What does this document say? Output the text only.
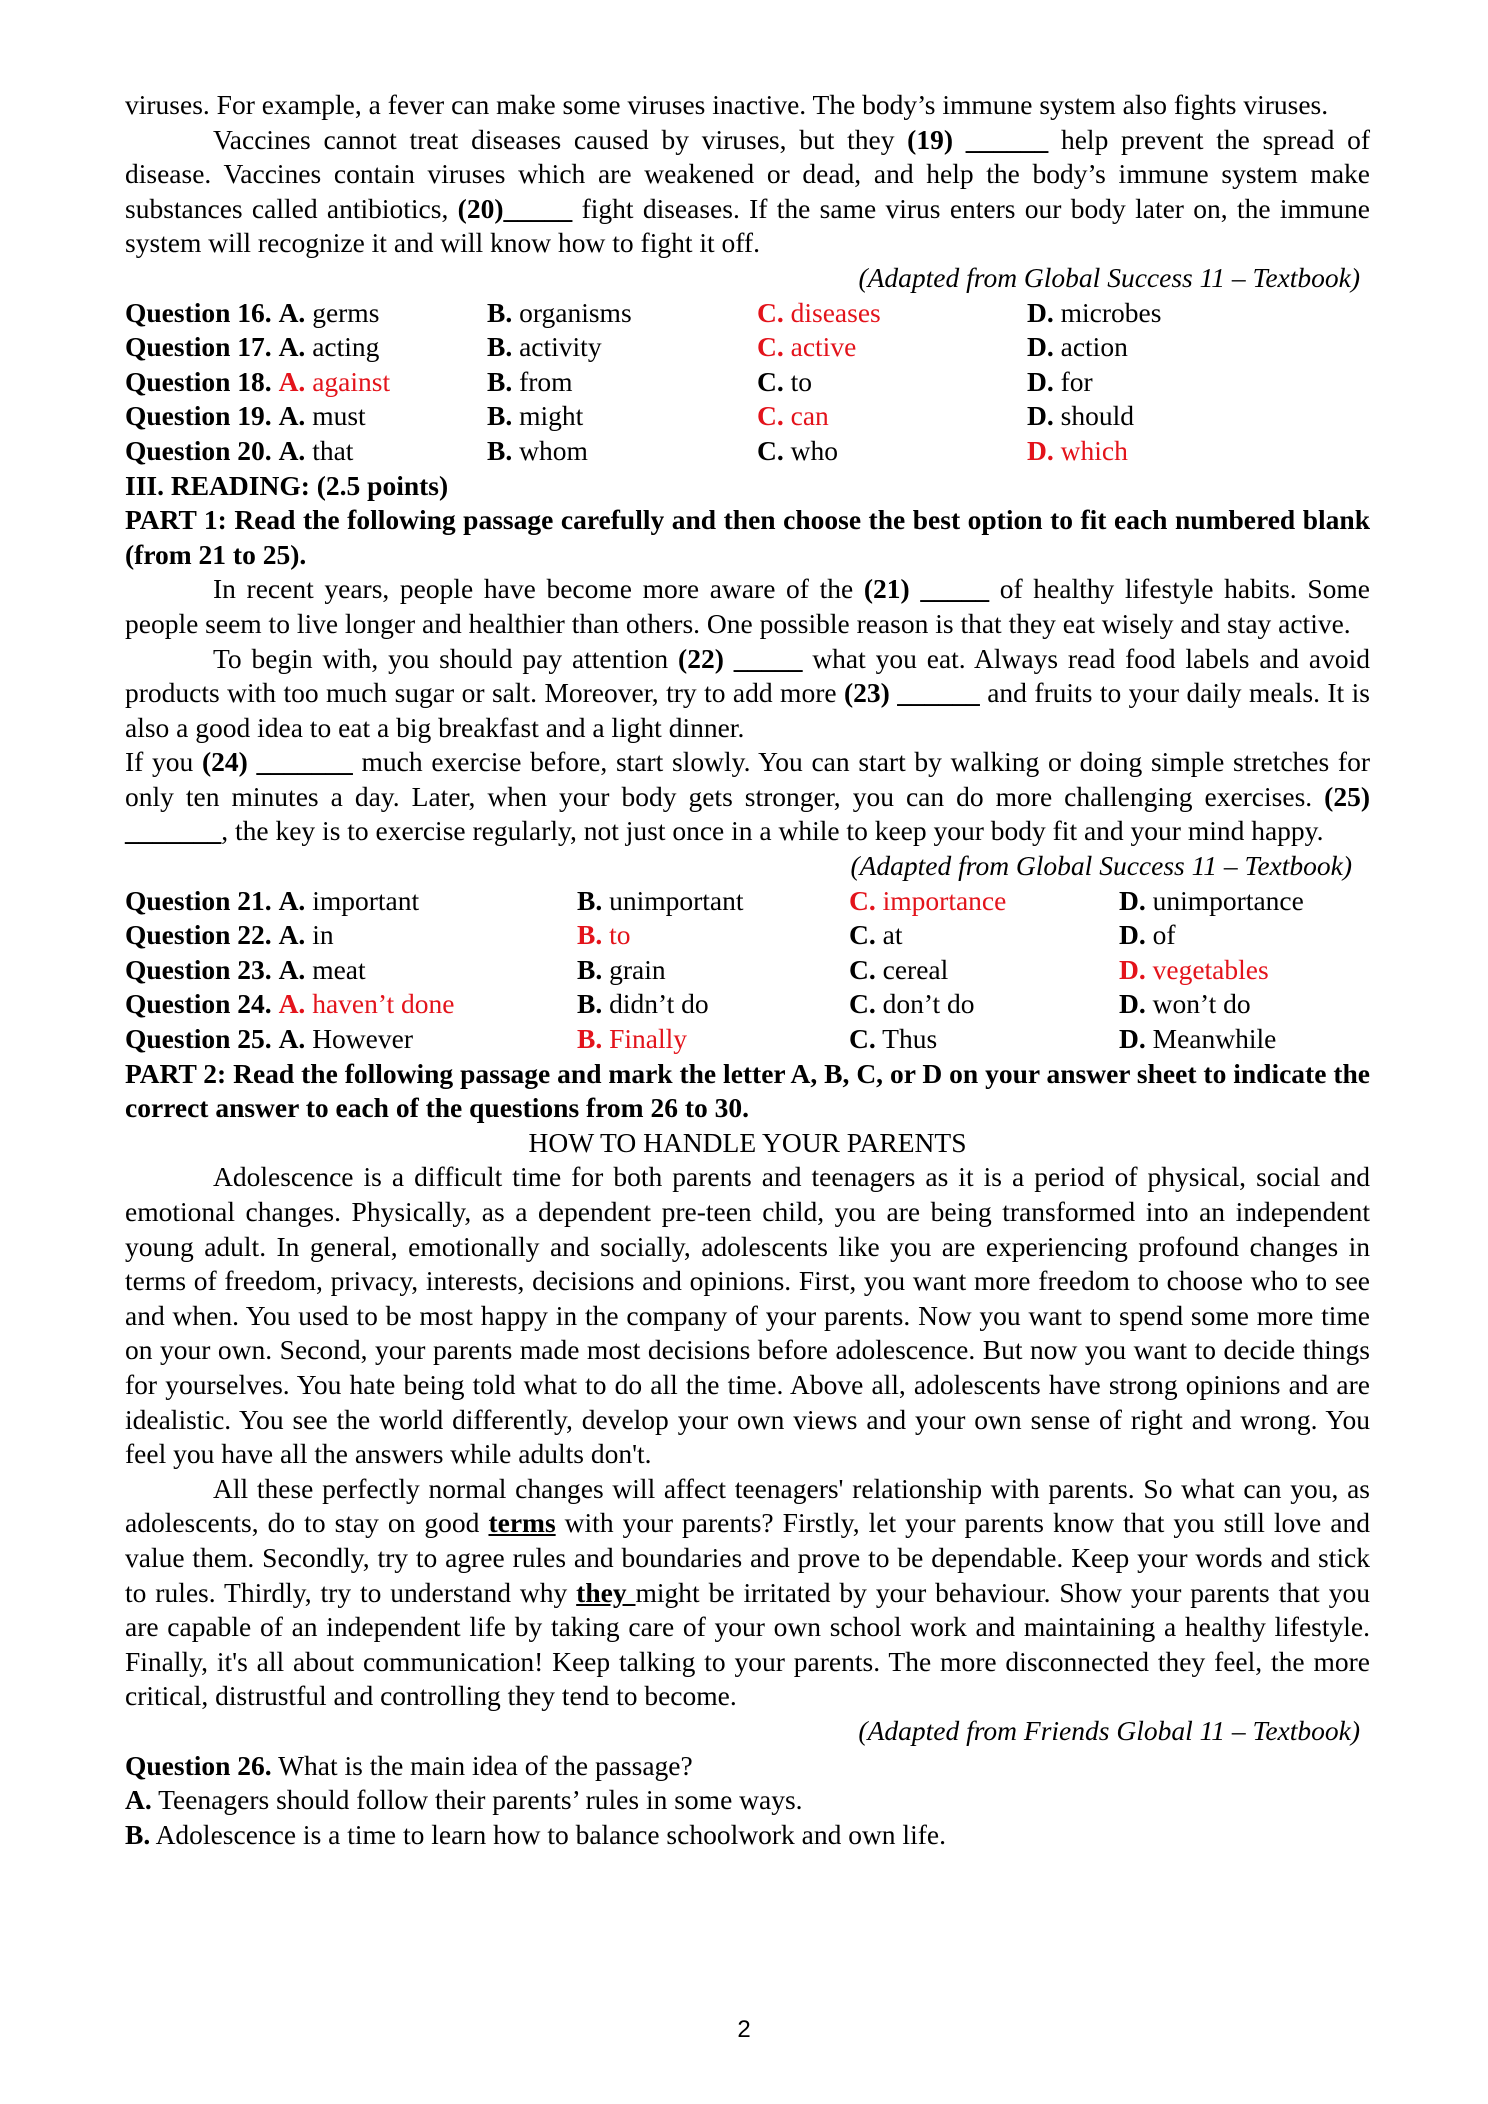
viruses. For example, a fever can make some viruses inactive. The body’s immune system also fights viruses.

Vaccines cannot treat diseases caused by viruses, but they (19) ______ help prevent the spread of disease. Vaccines contain viruses which are weakened or dead, and help the body’s immune system make substances called antibiotics, (20)_____ fight diseases. If the same virus enters our body later on, the immune system will recognize it and will know how to fight it off.

(Adapted from Global Success 11 – Textbook)

Question 16. A. germs	B. organisms	C. diseases	D. microbes
Question 17. A. acting	B. activity	C. active	D. action
Question 18. A. against	B. from	C. to	D. for
Question 19. A. must	B. might	C. can	D. should
Question 20. A. that	B. whom	C. who	D. which

III. READING: (2.5 points)

PART 1: Read the following passage carefully and then choose the best option to fit each numbered blank (from 21 to 25).

In recent years, people have become more aware of the (21) _____ of healthy lifestyle habits. Some people seem to live longer and healthier than others. One possible reason is that they eat wisely and stay active.

To begin with, you should pay attention (22) _____ what you eat. Always read food labels and avoid products with too much sugar or salt. Moreover, try to add more (23) ______ and fruits to your daily meals. It is also a good idea to eat a big breakfast and a light dinner.

If you (24) _______ much exercise before, start slowly. You can start by walking or doing simple stretches for only ten minutes a day. Later, when your body gets stronger, you can do more challenging exercises. (25) _______, the key is to exercise regularly, not just once in a while to keep your body fit and your mind happy.

(Adapted from Global Success 11 – Textbook)

Question 21. A. important	B. unimportant	C. importance	D. unimportance
Question 22. A. in	B. to	C. at	D. of
Question 23. A. meat	B. grain	C. cereal	D. vegetables
Question 24. A. haven’t done	B. didn’t do	C. don’t do	D. won’t do
Question 25. A. However	B. Finally	C. Thus	D. Meanwhile

PART 2: Read the following passage and mark the letter A, B, C, or D on your answer sheet to indicate the correct answer to each of the questions from 26 to 30.

HOW TO HANDLE YOUR PARENTS

Adolescence is a difficult time for both parents and teenagers as it is a period of physical, social and emotional changes. Physically, as a dependent pre-teen child, you are being transformed into an independent young adult. In general, emotionally and socially, adolescents like you are experiencing profound changes in terms of freedom, privacy, interests, decisions and opinions. First, you want more freedom to choose who to see and when. You used to be most happy in the company of your parents. Now you want to spend some more time on your own. Second, your parents made most decisions before adolescence. But now you want to decide things for yourselves. You hate being told what to do all the time. Above all, adolescents have strong opinions and are idealistic. You see the world differently, develop your own views and your own sense of right and wrong. You feel you have all the answers while adults don't.

All these perfectly normal changes will affect teenagers' relationship with parents. So what can you, as adolescents, do to stay on good terms with your parents? Firstly, let your parents know that you still love and value them. Secondly, try to agree rules and boundaries and prove to be dependable. Keep your words and stick to rules. Thirdly, try to understand why they might be irritated by your behaviour. Show your parents that you are capable of an independent life by taking care of your own school work and maintaining a healthy lifestyle. Finally, it's all about communication! Keep talking to your parents. The more disconnected they feel, the more critical, distrustful and controlling they tend to become.

(Adapted from Friends Global 11 – Textbook)

Question 26. What is the main idea of the passage?

A. Teenagers should follow their parents’ rules in some ways.

B. Adolescence is a time to learn how to balance schoolwork and own life.

2
